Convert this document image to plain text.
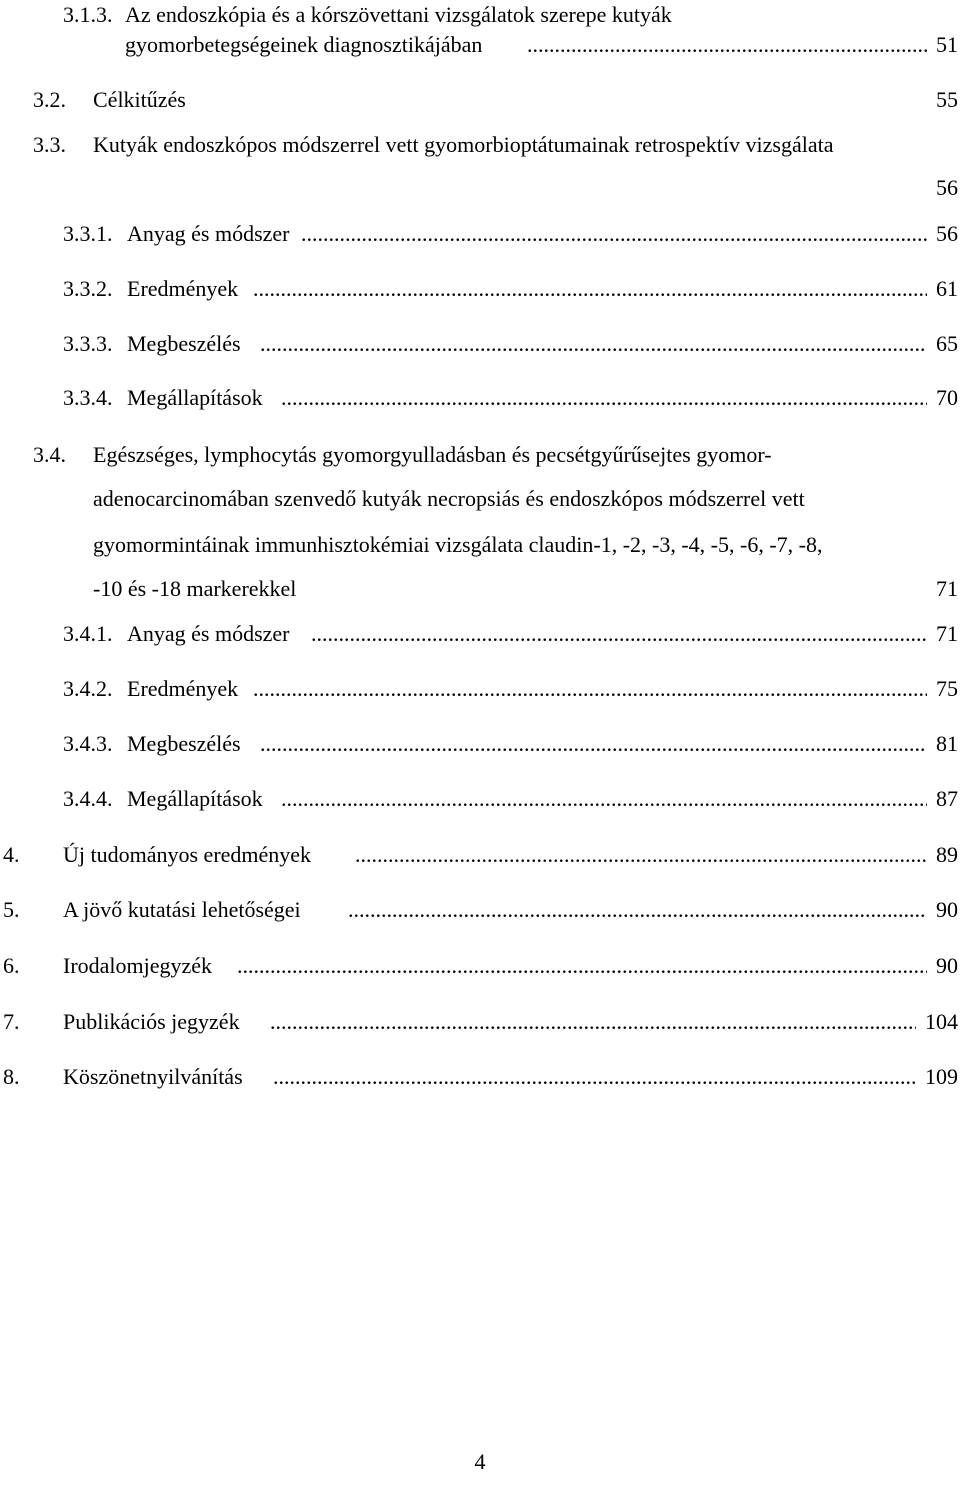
3.1.3. Az endoszkópia és a kórszövettani vizsgálatok szerepe kutyák
gyomorbetegségeinek diagnosztikájában .....	51
3.2. Célkitűzés	55
3.3. Kutyák endoszkópos módszerrel vett gyomorbioptátumainak retrospektív vizsgálata
56
3.3.1. Anyag és módszer .....	56
3.3.2. Eredmények .....	61
3.3.3. Megbeszélés .....	65
3.3.4. Megállapítások .....	70
3.4. Egészséges, lymphocytás gyomorgyulladásban és pecsétgyűrűsejtes gyomor-
adenocarcinomában szenvedő kutyák necropsiás és endoszkópos módszerrel vett
gyomormintáinak immunhisztokémiai vizsgálata claudin-1, -2, -3, -4, -5, -6, -7, -8,
-10 és -18 markerekkel	71
3.4.1. Anyag és módszer .....	71
3.4.2. Eredmények .....	75
3.4.3. Megbeszélés .....	81
3.4.4. Megállapítások .....	87
4. Új tudományos eredmények .....	89
5. A jövő kutatási lehetőségei .....	90
6. Irodalomjegyzék .....	90
7. Publikációs jegyzék .....	104
8. Köszönetnyilvánítás .....	109
4
